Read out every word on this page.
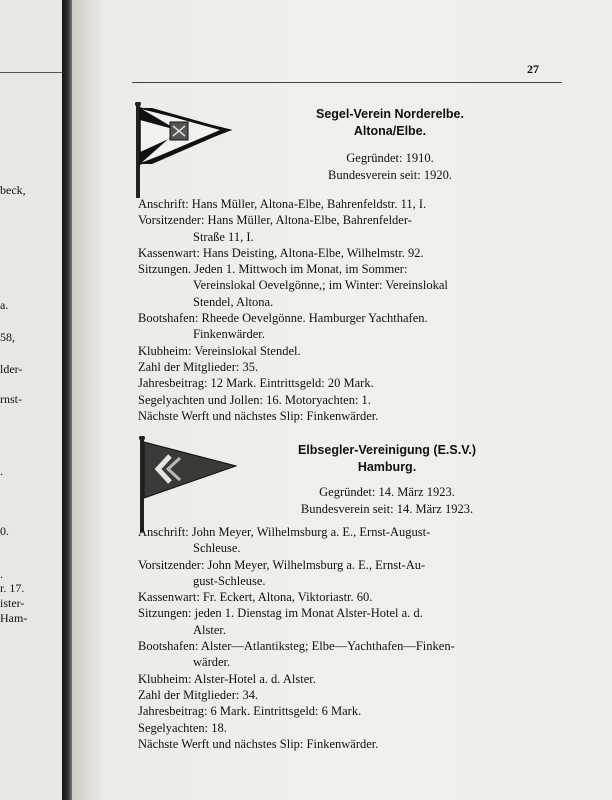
beck,
a.
58,
lder-
rnst-
.
0.
.
r. 17.
ister-
Ham-
27
Segel-Verein Norderelbe.
Altona/Elbe.
Gegründet: 1910.
Bundesverein seit: 1920.

Anschrift: Hans Müller, Altona-Elbe, Bahrenfeldstr. 11, I.

Vorsitzender: Hans Müller, Altona-Elbe, Bahrenfelder-
Straße 11, I.

Kassenwart: Hans Deisting, Altona-Elbe, Wilhelmstr. 92.

Sitzungen. Jeden 1. Mittwoch im Monat, im Sommer:
Vereinslokal Oevelgönne,; im Winter: Vereinslokal
Stendel, Altona.

Bootshafen: Rheede Oevelgönne. Hamburger Yachthafen.
Finkenwärder.

Klubheim: Vereinslokal Stendel.

Zahl der Mitglieder: 35.

Jahresbeitrag: 12 Mark. Eintrittsgeld: 20 Mark.

Segelyachten und Jollen: 16. Motoryachten: 1.

Nächste Werft und nächstes Slip: Finkenwärder.

Elbsegler-Vereinigung (E.S.V.)
Hamburg.
Gegründet: 14. März 1923.
Bundesverein seit: 14. März 1923.

Anschrift: John Meyer, Wilhelmsburg a. E., Ernst-August-
Schleuse.

Vorsitzender: John Meyer, Wilhelmsburg a. E., Ernst-Au-
gust-Schleuse.

Kassenwart: Fr. Eckert, Altona, Viktoriastr. 60.

Sitzungen: jeden 1. Dienstag im Monat Alster-Hotel a. d.
Alster.

Bootshafen: Alster—Atlantiksteg; Elbe—Yachthafen—Finken-
wärder.

Klubheim: Alster-Hotel a. d. Alster.

Zahl der Mitglieder: 34.

Jahresbeitrag: 6 Mark. Eintrittsgeld: 6 Mark.

Segelyachten: 18.

Nächste Werft und nächstes Slip: Finkenwärder.
